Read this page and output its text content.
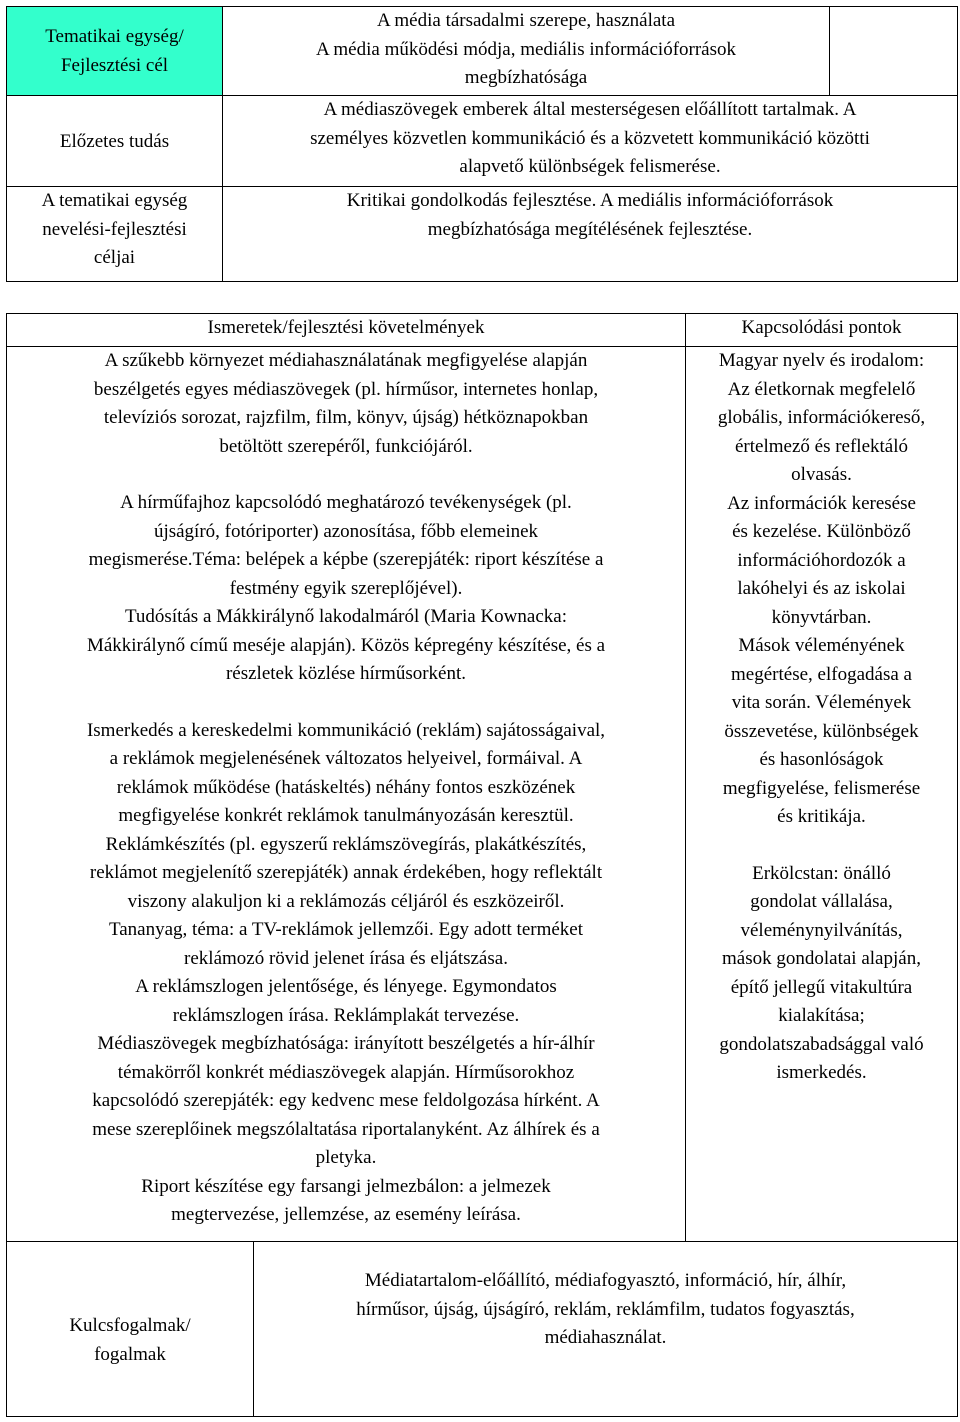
Tematikai egység/

Fejlesztési cél

A média társadalmi szerepe, használata

A média működési módja, mediális információforrások

megbízhatósága

Előzetes tudás

A médiaszövegek emberek által mesterségesen előállított tartalmak. A

személyes közvetlen kommunikáció és a közvetett kommunikáció közötti

alapvető különbségek felismerése.

A tematikai egység

nevelési-fejlesztési

céljai

Kritikai gondolkodás fejlesztése. A mediális információforrások

megbízhatósága megítélésének fejlesztése.

Ismeretek/fejlesztési követelmények	Kapcsolódási pontok

A szűkebb környezet médiahasználatának megfigyelése alapján

beszélgetés egyes médiaszövegek (pl. hírműsor, internetes honlap,

televíziós sorozat, rajzfilm, film, könyv, újság) hétköznapokban

betöltött szerepéről, funkciójáról.

A hírműfajhoz kapcsolódó meghatározó tevékenységek (pl.

újságíró, fotóriporter) azonosítása, főbb elemeinek

megismerése.Téma: belépek a képbe (szerepjáték: riport készítése a

festmény egyik szereplőjével).

Tudósítás a Mákkirálynő lakodalmáról (Maria Kownacka:

Mákkirálynő című meséje alapján). Közös képregény készítése, és a

részletek közlése hírműsorként.

Ismerkedés a kereskedelmi kommunikáció (reklám) sajátosságaival,

a reklámok megjelenésének változatos helyeivel, formáival. A

reklámok működése (hatáskeltés) néhány fontos eszközének

megfigyelése konkrét reklámok tanulmányozásán keresztül.

Reklámkészítés (pl. egyszerű reklámszövegírás, plakátkészítés,

reklámot megjelenítő szerepjáték) annak érdekében, hogy reflektált

viszony alakuljon ki a reklámozás céljáról és eszközeiről.

Tananyag, téma: a TV-reklámok jellemzői. Egy adott terméket

reklámozó rövid jelenet írása és eljátszása.

A reklámszlogen jelentősége, és lényege. Egymondatos

reklámszlogen írása. Reklámplakát tervezése.

Médiaszövegek megbízhatósága: irányított beszélgetés a hír-álhír

témakörről konkrét médiaszövegek alapján. Hírműsorokhoz

kapcsolódó szerepjáték: egy kedvenc mese feldolgozása hírként. A

mese szereplőinek megszólaltatása riportalanyként. Az álhírek és a

pletyka.

Riport készítése egy farsangi jelmezbálon: a jelmezek

megtervezése, jellemzése, az esemény leírása.

Magyar nyelv és irodalom:

Az életkornak megfelelő

globális, információkereső,

értelmező és reflektáló

olvasás.

Az információk keresése

és kezelése. Különböző

információhordozók a

lakóhelyi és az iskolai

könyvtárban.

Mások véleményének

megértése, elfogadása a

vita során. Vélemények

összevetése, különbségek

és hasonlóságok

megfigyelése, felismerése

és kritikája.

Erkölcstan: önálló

gondolat vállalása,

véleménynyilvánítás,

mások gondolatai alapján,

építő jellegű vitakultúra

kialakítása;

gondolatszabadsággal való

ismerkedés.

Kulcsfogalmak/

fogalmak

Médiatartalom-előállító, médiafogyasztó, információ, hír, álhír,

hírműsor, újság, újságíró, reklám, reklámfilm, tudatos fogyasztás,

médiahasználat.
